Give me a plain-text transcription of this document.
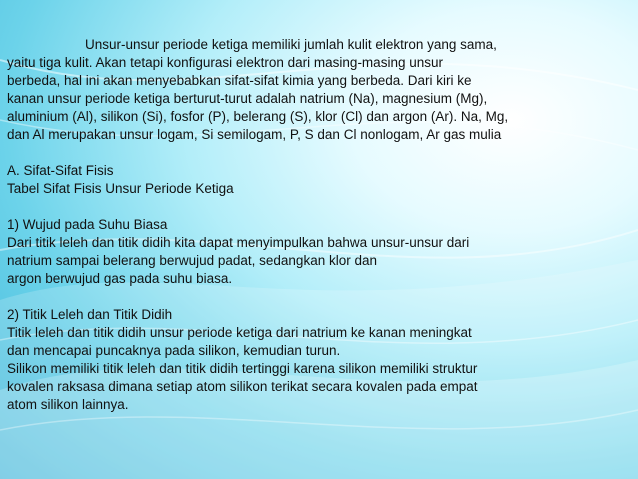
Unsur-unsur periode ketiga memiliki jumlah kulit elektron yang sama,
yaitu tiga kulit. Akan tetapi konfigurasi elektron dari masing-masing unsur
berbeda, hal ini akan menyebabkan sifat-sifat kimia yang berbeda. Dari kiri ke
kanan unsur periode ketiga berturut-turut adalah natrium (Na), magnesium (Mg),
aluminium (Al), silikon (Si), fosfor (P), belerang (S), klor (Cl) dan argon (Ar). Na, Mg,
dan Al merupakan unsur logam, Si semilogam, P, S dan Cl nonlogam, Ar gas mulia
A. Sifat-Sifat Fisis
Tabel Sifat Fisis Unsur Periode Ketiga
1) Wujud pada Suhu Biasa
Dari titik leleh dan titik didih kita dapat menyimpulkan bahwa unsur-unsur dari
natrium sampai belerang berwujud padat, sedangkan klor dan
argon berwujud gas pada suhu biasa.
2) Titik Leleh dan Titik Didih
Titik leleh dan titik didih unsur periode ketiga dari natrium ke kanan meningkat
dan mencapai puncaknya pada silikon, kemudian turun.
Silikon memiliki titik leleh dan titik didih tertinggi karena silikon memiliki struktur
kovalen raksasa dimana setiap atom silikon terikat secara kovalen pada empat
atom silikon lainnya.
